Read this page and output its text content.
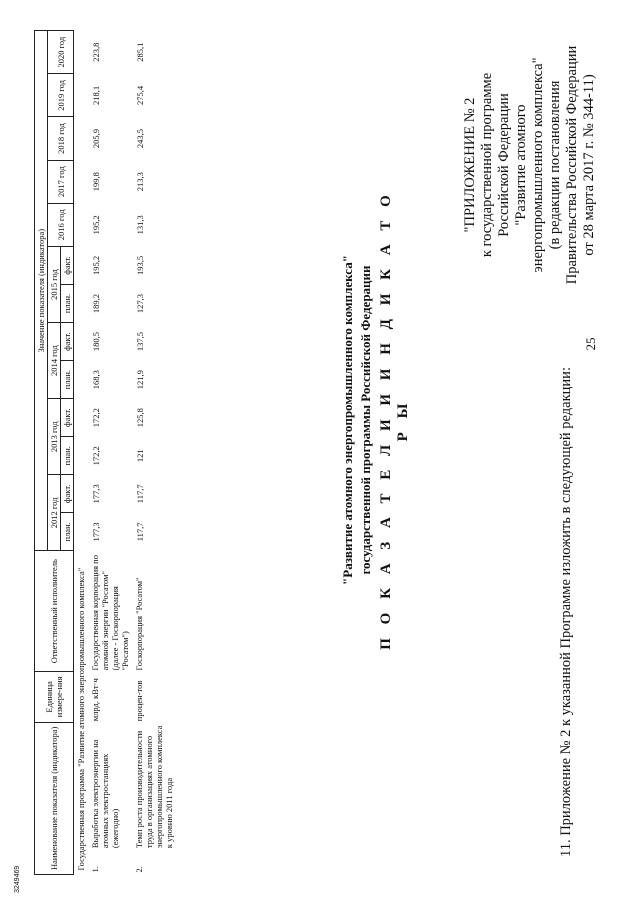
25
11. Приложение № 2 к указанной Программе изложить в следующей редакции:
"ПРИЛОЖЕНИЕ № 2 к государственной программе Российской Федерации "Развитие атомного энергопромышленного комплекса" (в редакции постановления Правительства Российской Федерации от 28 марта 2017 г. № 344-11)
П О К А З А Т Е Л И И И Н Д И К А Т О Р Ы
государственной программы Российской Федерации
"Развитие атомного энергопромышленного комплекса"
Наименование показателя (индикатора)		Единица измере-ния	Ответственный исполнитель	Значение показателя (индикатора)												
				2012 год		2013 год		2014 год		2015 год		2016 год	2017 год	2018 год	2019 год	2020 год
				план.	факт.	план.	факт.	план.	факт.	план.	факт.					
Государственная программа "Развитие атомного энергопромышленного комплекса"																
1.	Выработка электроэнергии на атомных электростанциях (ежегодно)	млрд. кВт·ч	Государственная корпорация по атомной энергии "Росатом" (далее - Госкорпорация "Росатом")	177,3	177,3	172,2	172,2	168,3	180,5	189,2	195,2	195,2	199,8	205,9	218,1	223,8
2.	Темп роста производительности труда в организациях атомного энергопромышленного комплекса к уровню 2011 года	процен-тов	Госкорпорация "Росатом"	117,7	117,7	121	125,8	121,9	137,5	127,3	193,5	131,3	213,3	243,5	275,4	285,1
3249469
